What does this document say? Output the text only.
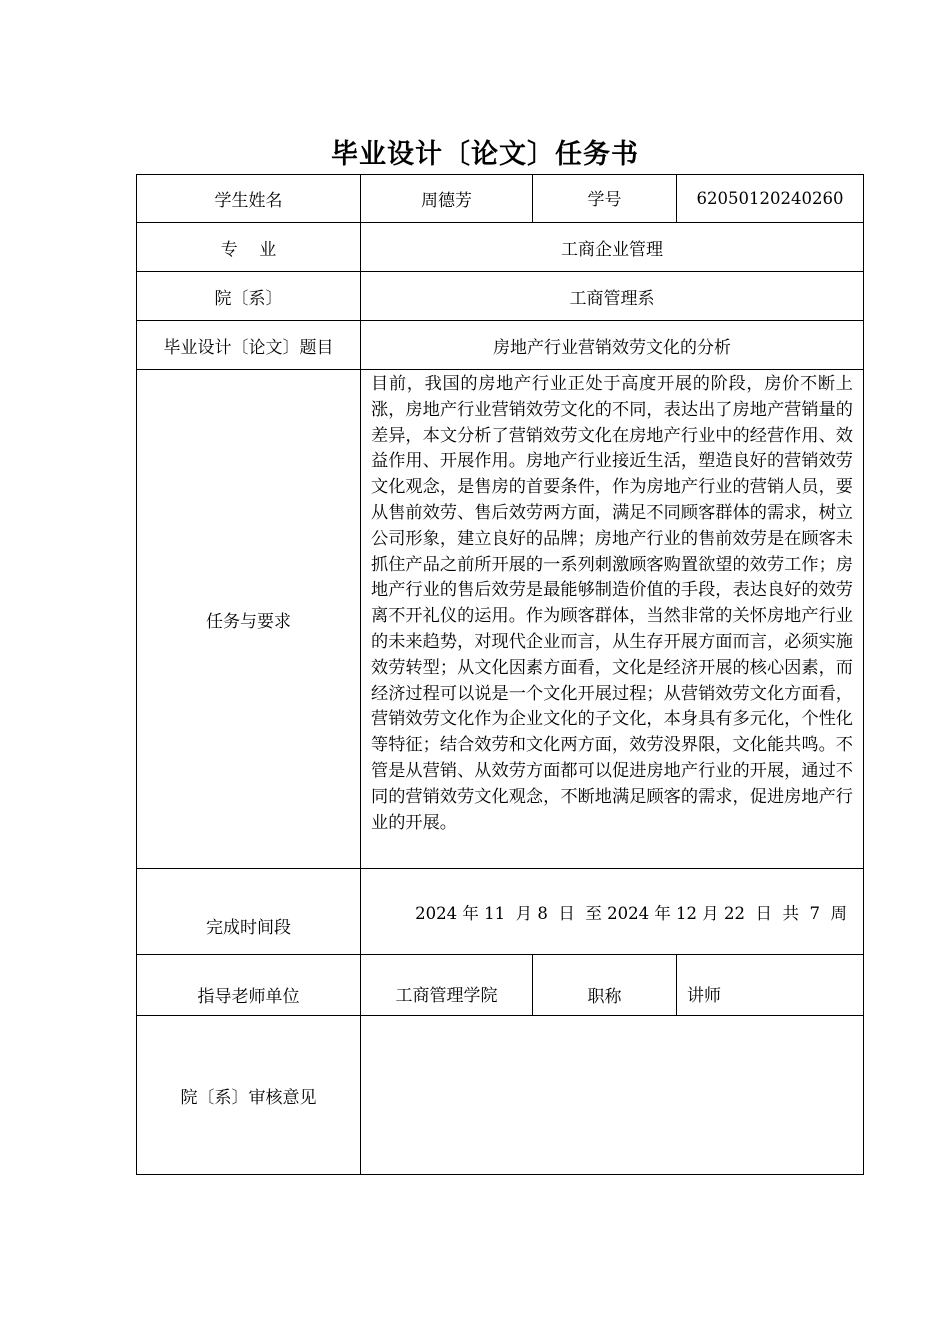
毕业设计〔论文〕任务书
学生姓名	周德芳	学号	62050120240260
专    业	工商企业管理		
院〔系〕	工商管理系		
毕业设计〔论文〕题目	房地产行业营销效劳文化的分析		
任务与要求	目前，我国的房地产行业正处于高度开展的阶段，房价不断上涨，房地产行业营销效劳文化的不同，表达出了房地产营销量的差异，本文分析了营销效劳文化在房地产行业中的经营作用、效益作用、开展作用。房地产行业接近生活，塑造良好的营销效劳文化观念，是售房的首要条件，作为房地产行业的营销人员，要从售前效劳、售后效劳两方面，满足不同顾客群体的需求，树立公司形象，建立良好的品牌；房地产行业的售前效劳是在顾客未抓住产品之前所开展的一系列刺激顾客购置欲望的效劳工作；房地产行业的售后效劳是最能够制造价值的手段，表达良好的效劳离不开礼仪的运用。作为顾客群体，当然非常的关怀房地产行业的未来趋势，对现代企业而言，从生存开展方面而言，必须实施效劳转型；从文化因素方面看，文化是经济开展的核心因素，而经济过程可以说是一个文化开展过程；从营销效劳文化方面看，营销效劳文化作为企业文化的子文化，本身具有多元化，个性化等特征；结合效劳和文化两方面，效劳没界限，文化能共鸣。不管是从营销、从效劳方面都可以促进房地产行业的开展，通过不同的营销效劳文化观念，不断地满足顾客的需求，促进房地产行业的开展。		
完成时间段	2024 年 11  月 8  日  至 2024 年 12 月 22  日  共  7  周		
指导老师单位	工商管理学院	职称	讲师
院〔系〕审核意见			
